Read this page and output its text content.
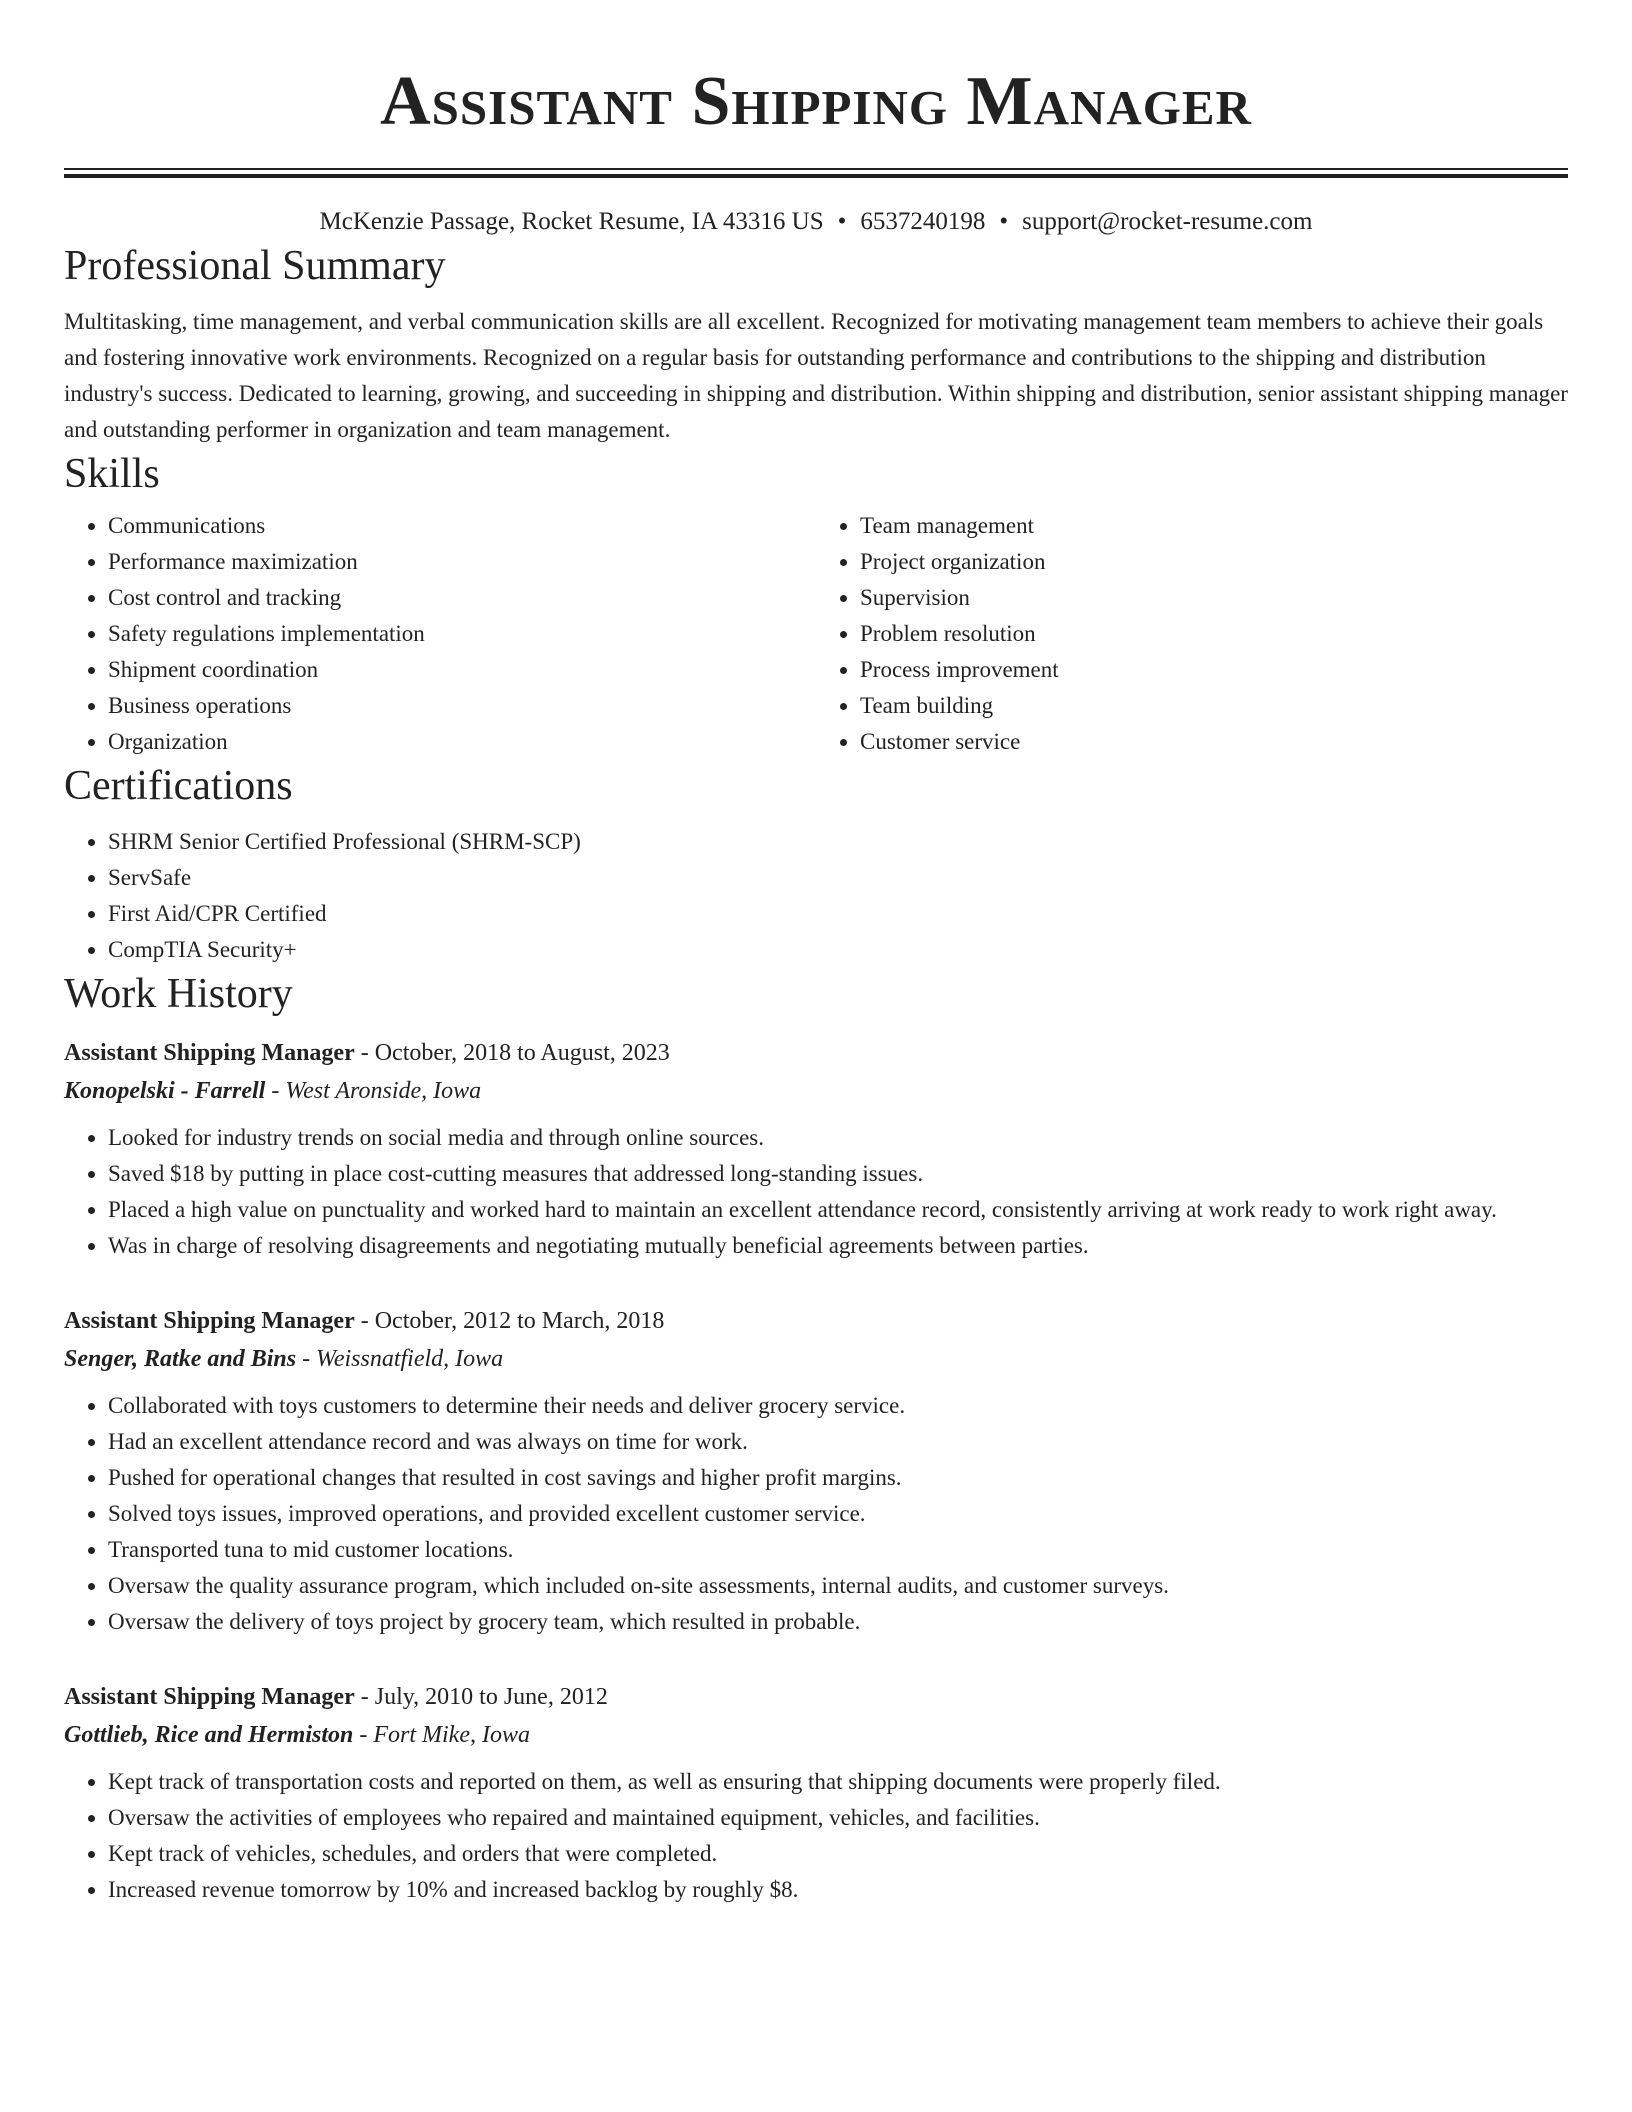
Assistant Shipping Manager
McKenzie Passage, Rocket Resume, IA 43316 US • 6537240198 • support@rocket-resume.com
Professional Summary

Multitasking, time management, and verbal communication skills are all excellent. Recognized for motivating management team members to achieve their goals and fostering innovative work environments. Recognized on a regular basis for outstanding performance and contributions to the shipping and distribution industry's success. Dedicated to learning, growing, and succeeding in shipping and distribution. Within shipping and distribution, senior assistant shipping manager and outstanding performer in organization and team management.

Skills
• Communications
• Performance maximization
• Cost control and tracking
• Safety regulations implementation
• Shipment coordination
• Business operations
• Organization
• Team management
• Project organization
• Supervision
• Problem resolution
• Process improvement
• Team building
• Customer service
Certifications
• SHRM Senior Certified Professional (SHRM-SCP)
• ServSafe
• First Aid/CPR Certified
• CompTIA Security+
Work History
Assistant Shipping Manager - October, 2018 to August, 2023
Konopelski - Farrell - West Aronside, Iowa
• Looked for industry trends on social media and through online sources.
• Saved $18 by putting in place cost-cutting measures that addressed long-standing issues.
• Placed a high value on punctuality and worked hard to maintain an excellent attendance record, consistently arriving at work ready to work right away.
• Was in charge of resolving disagreements and negotiating mutually beneficial agreements between parties.
Assistant Shipping Manager - October, 2012 to March, 2018
Senger, Ratke and Bins - Weissnatfield, Iowa
• Collaborated with toys customers to determine their needs and deliver grocery service.
• Had an excellent attendance record and was always on time for work.
• Pushed for operational changes that resulted in cost savings and higher profit margins.
• Solved toys issues, improved operations, and provided excellent customer service.
• Transported tuna to mid customer locations.
• Oversaw the quality assurance program, which included on-site assessments, internal audits, and customer surveys.
• Oversaw the delivery of toys project by grocery team, which resulted in probable.
Assistant Shipping Manager - July, 2010 to June, 2012
Gottlieb, Rice and Hermiston - Fort Mike, Iowa
• Kept track of transportation costs and reported on them, as well as ensuring that shipping documents were properly filed.
• Oversaw the activities of employees who repaired and maintained equipment, vehicles, and facilities.
• Kept track of vehicles, schedules, and orders that were completed.
• Increased revenue tomorrow by 10% and increased backlog by roughly $8.
